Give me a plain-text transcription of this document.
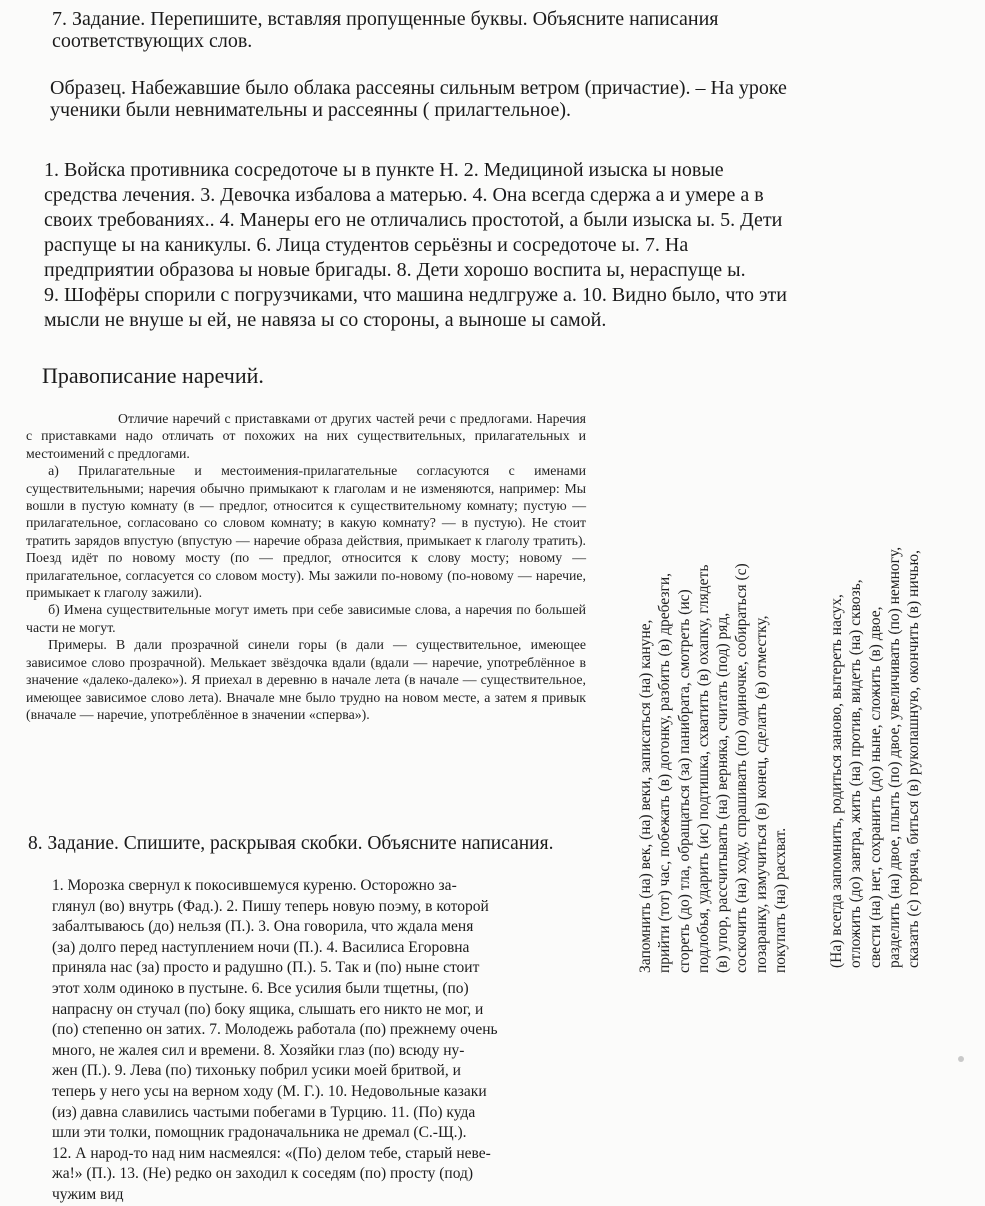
7. Задание. Перепишите, вставляя пропущенные буквы. Объясните написания
соответствующих слов.
Образец. Набежавшие было облака рассеяны сильным ветром (причастие). – На уроке
ученики были невнимательны и рассеянны ( прилагтельное).
1. Войска противника сосредоточе ы в пункте Н. 2. Медициной изыска ы новые
средства лечения. 3. Девочка избалова а матерью. 4. Она всегда сдержа а и умере а в
своих требованиях.. 4. Манеры его не отличались простотой, а были изыска ы. 5. Дети
распуще ы на каникулы. 6. Лица студентов серьёзны и сосредоточе ы. 7. На
предприятии образова ы новые бригады. 8. Дети хорошо воспита ы, нераспуще ы.
9. Шофёры спорили с погрузчиками, что машина недлгруже а. 10. Видно было, что эти
мысли не внуше ы ей, не навяза ы со стороны, а выноше ы самой.
Правописание наречий.

Отличие наречий с приставками от других частей речи с предлогами. Наречия с приставками надо отличать от похожих на них существительных, прилагательных и местоимений с предлогами.

а) Прилагательные и местоимения-прилагательные согласуются с именами существительными; наречия обычно примыкают к глаголам и не изменяются, например: Мы вошли в пустую комнату (в — предлог, относится к существительному комнату; пустую — прилагательное, согласовано со словом комнату; в какую комнату? — в пустую). Не стоит тратить зарядов впустую (впустую — наречие образа действия, примыкает к глаголу тратить). Поезд идёт по новому мосту (по — предлог, относится к слову мосту; новому — прилагательное, согласуется со словом мосту). Мы зажили по-новому (по-новому — наречие, примыкает к глаголу зажили).

б) Имена существительные могут иметь при себе зависимые слова, а наречия по большей части не могут.

Примеры. В дали прозрачной синели горы (в дали — существительное, имеющее зависимое слово прозрачной). Мелькает звёздочка вдали (вдали — наречие, употреблённое в значение «далеко-далеко»). Я приехал в деревню в начале лета (в начале — существительное, имеющее зависимое слово лета). Вначале мне было трудно на новом месте, а затем я привык (вначале — наречие, употреблённое в значении «сперва»).

8. Задание. Спишите, раскрывая скобки. Объясните написания.
1. Морозка свернул к покосившемуся куреню. Осторожно за-
глянул (во) внутрь (Фад.). 2. Пишу теперь новую поэму, в которой
забалтываюсь (до) нельзя (П.). 3. Она говорила, что ждала меня
(за) долго перед наступлением ночи (П.). 4. Василиса Егоровна
приняла нас (за) просто и радушно (П.). 5. Так и (по) ныне стоит
этот холм одиноко в пустыне. 6. Все усилия были тщетны, (по)
напрасну он стучал (по) боку ящика, слышать его никто не мог, и
(по) степенно он затих. 7. Молодежь работала (по) прежнему очень
много, не жалея сил и времени. 8. Хозяйки глаз (по) всюду ну-
жен (П.). 9. Лева (по) тихоньку побрил усики моей бритвой, и
теперь у него усы на верном ходу (М. Г.). 10. Недовольные казаки
(из) давна славились частыми побегами в Турцию. 11. (По) куда
шли эти толки, помощник градоначальника не дремал (С.-Щ.).
12. А народ-то над ним насмеялся: «(По) делом тебе, старый неве-
жа!» (П.). 13. (Не) редко он заходил к соседям (по) просту (под)
чужим вид
Запомнить (на) век, (на) веки, записаться (на) кануне, прийти (тот) час, побежать (в) догонку, разбить (в) дребезги, сгореть (до) тла, обращаться (за) панибрата, смотреть (ис) подлобья, ударить (ис) подтишка, схватить (в) охапку, глядеть (в) упор, рассчитывать (на) верняка, считать (под) ряд, соскочить (на) ходу, спрашивать (по) одиночке, собираться (с) позаранку, измучиться (в) конец, сделать (в) отместку, покупать (на) расхват.	(На) всегда запомнить, родиться заново, вытереть насух, отложить (до) завтра, жить (на) против, видеть (на) сквозь, свести (на) нет, сохранить (до) ныне, сложить (в) двое, разделить (на) двое, плыть (по) двое, увеличивать (по) немногу, сказать (с) горяча, биться (в) рукопашную, окончить (в) ничью,
